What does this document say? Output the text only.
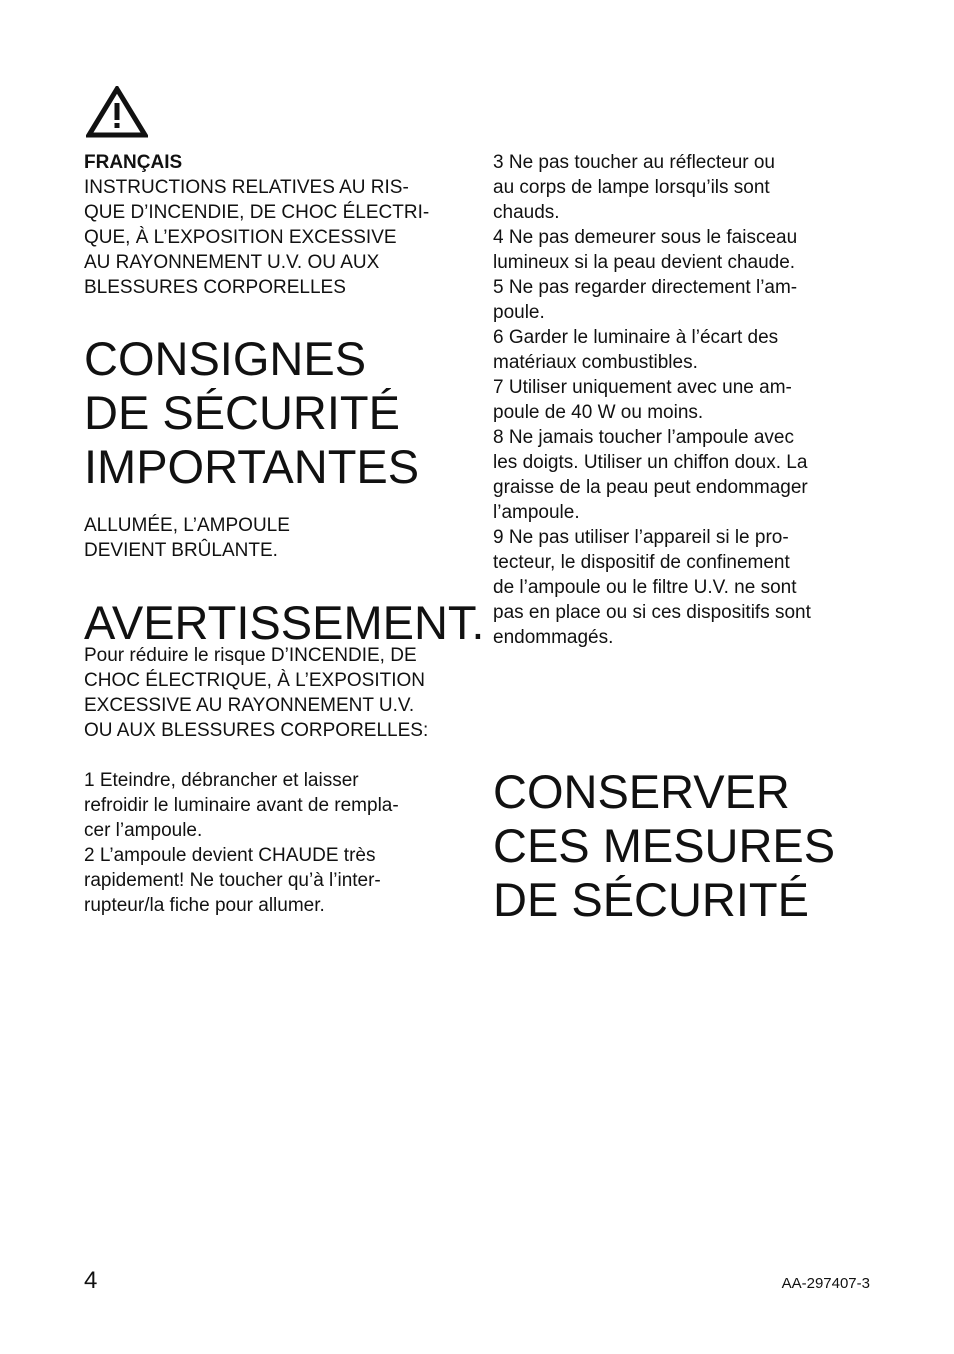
FRANÇAIS
INSTRUCTIONS RELATIVES AU RIS-
QUE D’INCENDIE, DE CHOC ÉLECTRI-
QUE, À L’EXPOSITION EXCESSIVE
AU RAYONNEMENT U.V. OU AUX
BLESSURES CORPORELLES
CONSIGNES
DE SÉCURITÉ
IMPORTANTES
ALLUMÉE, L’AMPOULE
DEVIENT BRÛLANTE.
AVERTISSEMENT.
Pour réduire le risque D’INCENDIE, DE
CHOC ÉLECTRIQUE, À L’EXPOSITION
EXCESSIVE AU RAYONNEMENT U.V.
OU AUX BLESSURES CORPORELLES:
1 Eteindre, débrancher et laisser
refroidir le luminaire avant de rempla-
cer l’ampoule.
2 L’ampoule devient CHAUDE très
rapidement! Ne toucher qu’à l’inter-
rupteur/la fiche pour allumer.
3 Ne pas toucher au réflecteur ou
au corps de lampe lorsqu’ils sont
chauds.
4 Ne pas demeurer sous le faisceau
lumineux si la peau devient chaude.
5 Ne pas regarder directement l’am-
poule.
6 Garder le luminaire à l’écart des
matériaux combustibles.
7 Utiliser uniquement avec une am-
poule de 40 W ou moins.
8 Ne jamais toucher l’ampoule avec
les doigts. Utiliser un chiffon doux. La
graisse de la peau peut endommager
l’ampoule.
9 Ne pas utiliser l’appareil si le pro-
tecteur, le dispositif de confinement
de l’ampoule ou le filtre U.V. ne sont
pas en place ou si ces dispositifs sont
endommagés.
CONSERVER
CES MESURES
DE SÉCURITÉ
4	AA-297407-3
